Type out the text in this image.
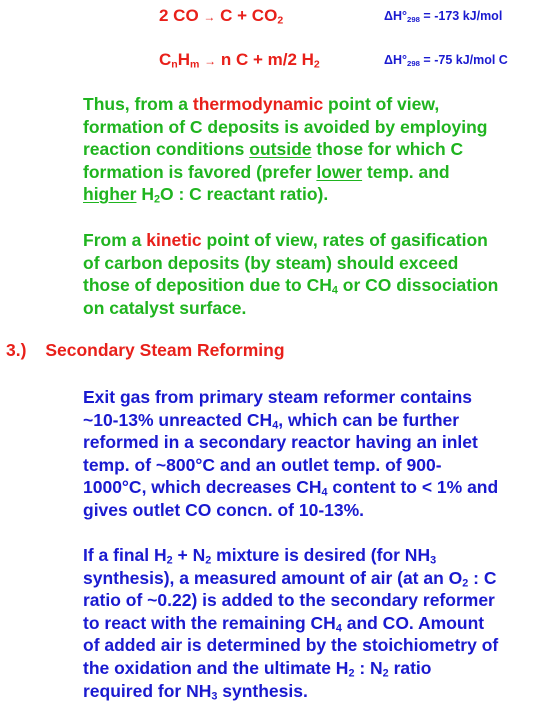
2 CO → $C + CO_2$	$\Delta H^\circ_{298} = -173$ kJ/mol
$C_nH_m \to n$ C + m/2 $H_2$	$\Delta H^\circ_{298} = -75$ kJ/mol C
Thus, from a thermodynamic point of view,
formation of C deposits is avoided by employing
reaction conditions outside those for which C
formation is favored (prefer lower temp. and
higher $H_2O$ : C reactant ratio).
From a kinetic point of view, rates of gasification
of carbon deposits (by steam) should exceed
those of deposition due to $CH_4$ or CO dissociation
on catalyst surface.
3.) Secondary Steam Reforming
Exit gas from primary steam reformer contains
~10-13% unreacted $CH_4$, which can be further
reformed in a secondary reactor having an inlet
temp. of ~800°C and an outlet temp. of 900-
1000°C, which decreases $CH_4$ content to < 1% and
gives outlet CO concn. of 10-13%.
If a final $H_2 + N_2$ mixture is desired (for $NH_3$
synthesis), a measured amount of air (at an $O_2$ : C
ratio of ~0.22) is added to the secondary reformer
to react with the remaining $CH_4$ and CO. Amount
of added air is determined by the stoichiometry of
the oxidation and the ultimate $H_2$ : $N_2$ ratio
required for $NH_3$ synthesis.
